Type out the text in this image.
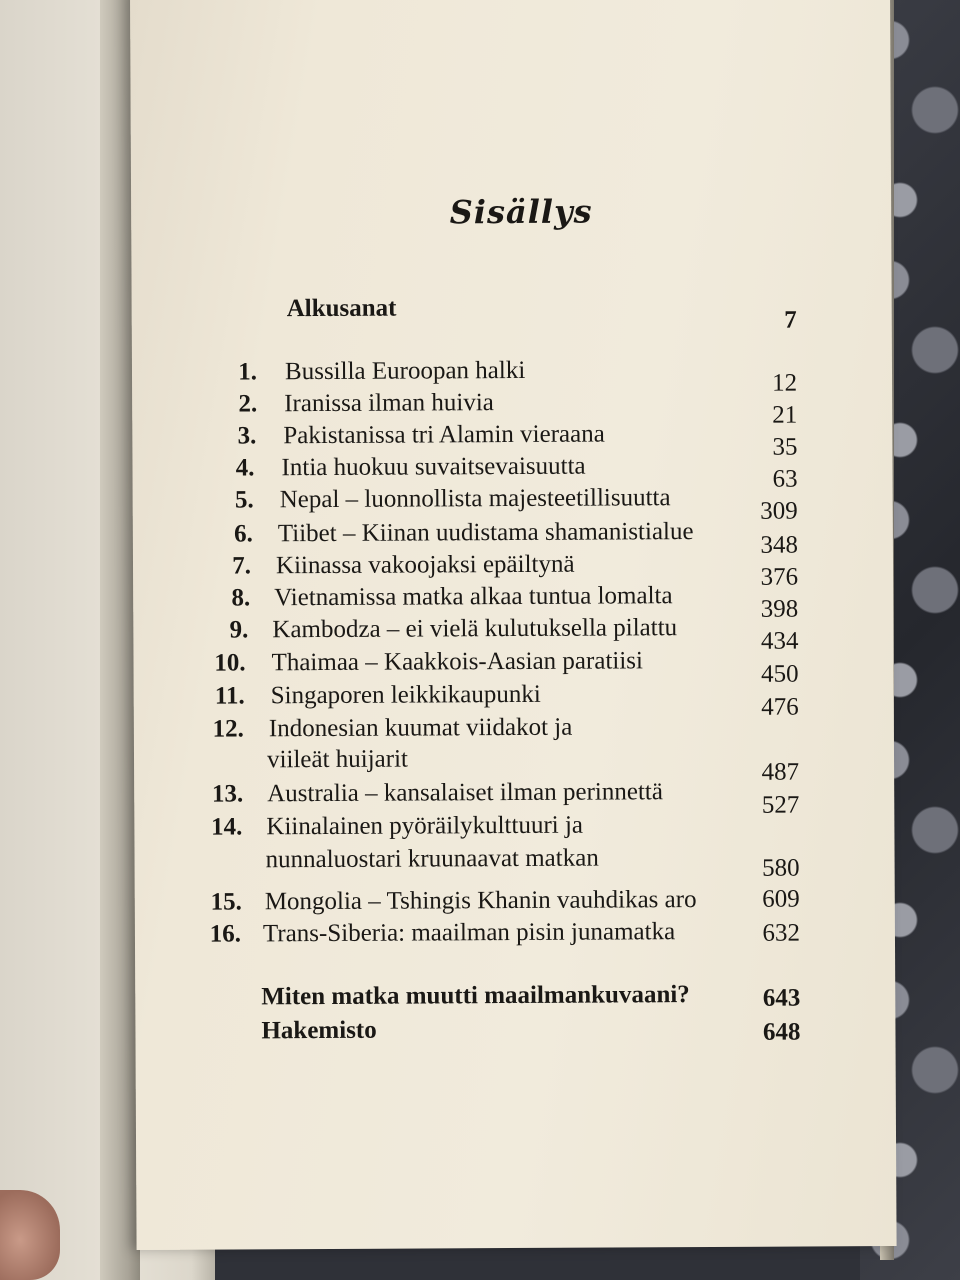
Sisällys
Alkusanat	7
1. Bussilla Euroopan halki	12
2. Iranissa ilman huivia	21
3. Pakistanissa tri Alamin vieraana	35
4. Intia huokuu suvaitsevaisuutta	63
5. Nepal – luonnollista majesteetillisuutta	309
6. Tiibet – Kiinan uudistama shamanistialue	348
7. Kiinassa vakoojaksi epäiltynä	376
8. Vietnamissa matka alkaa tuntua lomalta	398
9. Kambodza – ei vielä kulutuksella pilattu	434
10. Thaimaa – Kaakkois-Aasian paratiisi	450
11. Singaporen leikkikaupunki	476
12. Indonesian kuumat viidakot ja
viileät huijarit	487
13. Australia – kansalaiset ilman perinnettä	527
14. Kiinalainen pyöräilykulttuuri ja
nunnaluostari kruunaavat matkan	580
15. Mongolia – Tshingis Khanin vauhdikas aro	609
16. Trans-Siberia: maailman pisin junamatka	632
Miten matka muutti maailmankuvaani?	643
Hakemisto	648
